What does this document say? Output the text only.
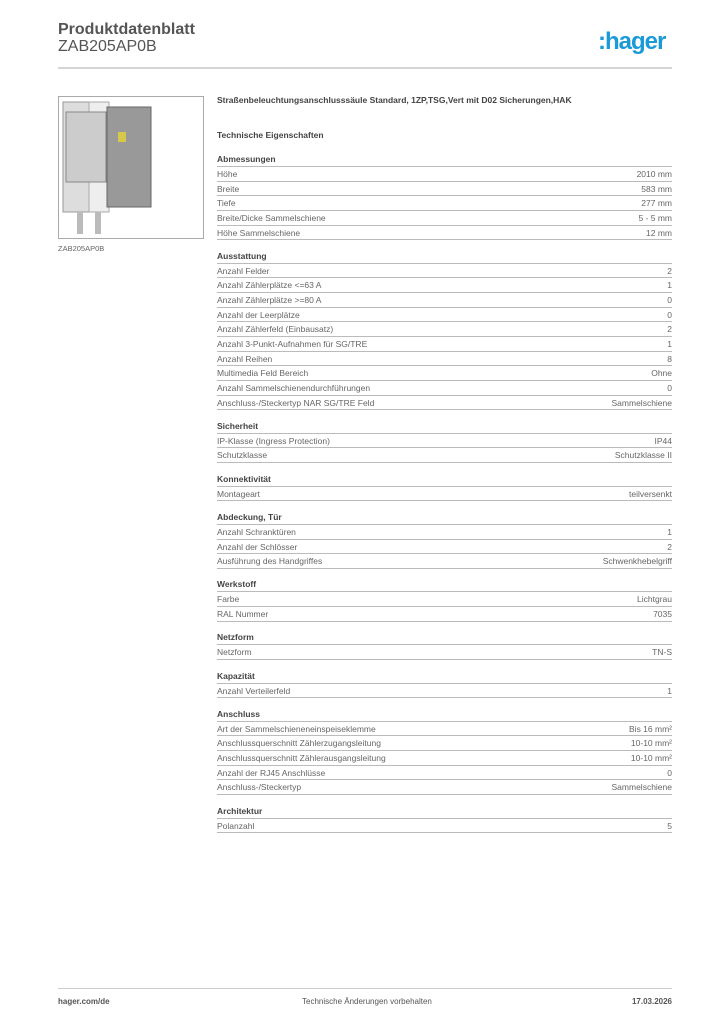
Produktdatenblatt
ZAB205AP0B	:hager
ZAB205AP0B
Straßenbeleuchtungsanschlusssäule Standard, 1ZP,TSG,Vert mit D02 Sicherungen,HAK
Technische Eigenschaften
Abmessungen
Höhe	2010 mm
Breite	583 mm
Tiefe	277 mm
Breite/Dicke Sammelschiene	5 - 5 mm
Höhe Sammelschiene	12 mm
Ausstattung
Anzahl Felder	2
Anzahl Zählerplätze <=63 A	1
Anzahl Zählerplätze >=80 A	0
Anzahl der Leerplätze	0
Anzahl Zählerfeld (Einbausatz)	2
Anzahl 3-Punkt-Aufnahmen für SG/TRE	1
Anzahl Reihen	8
Multimedia Feld Bereich	Ohne
Anzahl Sammelschienendurchführungen	0
Anschluss-/Steckertyp NAR SG/TRE Feld	Sammelschiene
Sicherheit
IP-Klasse (Ingress Protection)	IP44
Schutzklasse	Schutzklasse II
Konnektivität
Montageart	teilversenkt
Abdeckung, Tür
Anzahl Schranktüren	1
Anzahl der Schlösser	2
Ausführung des Handgriffes	Schwenkhebelgriff
Werkstoff
Farbe	Lichtgrau
RAL Nummer	7035
Netzform
Netzform	TN-S
Kapazität
Anzahl Verteilerfeld	1
Anschluss
Art der Sammelschieneneinspeiseklemme	Bis 16 mm²
Anschlussquerschnitt Zählerzugangsleitung	10-10 mm²
Anschlussquerschnitt Zählerausgangsleitung	10-10 mm²
Anzahl der RJ45 Anschlüsse	0
Anschluss-/Steckertyp	Sammelschiene
Architektur
Polanzahl	5
hager.com/de	Technische Änderungen vorbehalten	17.03.2026
